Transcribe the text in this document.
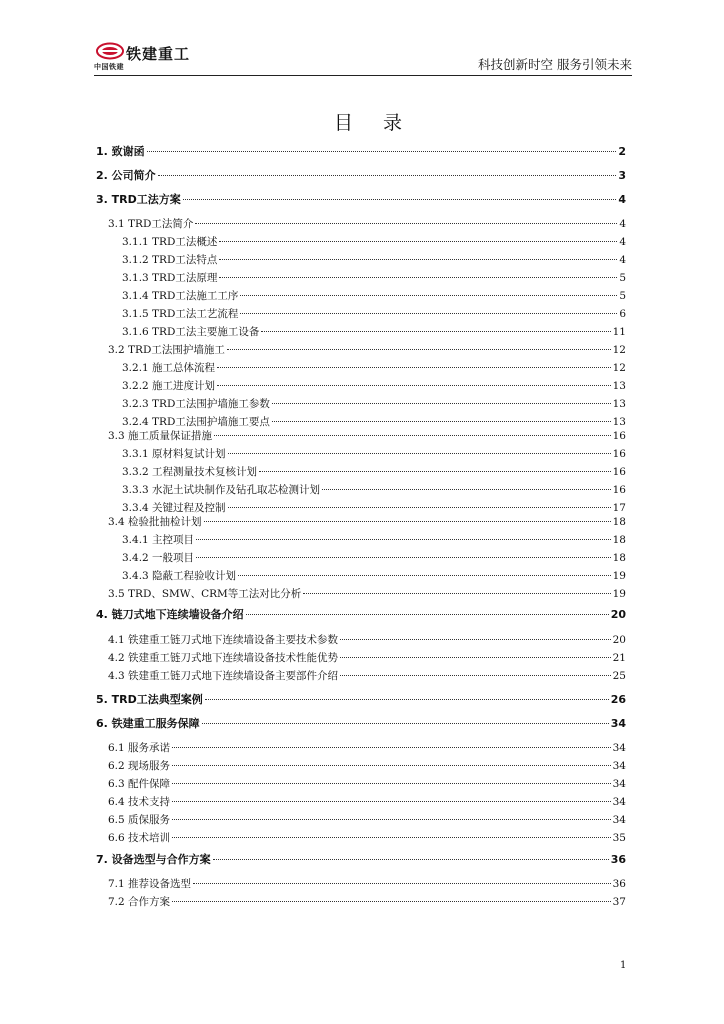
中国铁建
铁建重工
科技创新时空 服务引领未来
目 录
1. 致谢函	2
2. 公司简介	3
3. TRD工法方案	4
3.1 TRD工法简介	4
3.1.1 TRD工法概述	4
3.1.2 TRD工法特点	4
3.1.3 TRD工法原理	5
3.1.4 TRD工法施工工序	5
3.1.5 TRD工法工艺流程	6
3.1.6 TRD工法主要施工设备	11
3.2 TRD工法围护墙施工	12
3.2.1 施工总体流程	12
3.2.2 施工进度计划	13
3.2.3 TRD工法围护墙施工参数	13
3.2.4 TRD工法围护墙施工要点	13
3.3 施工质量保证措施	16
3.3.1 原材料复试计划	16
3.3.2 工程测量技术复核计划	16
3.3.3 水泥土试块制作及钻孔取芯检测计划	16
3.3.4 关键过程及控制	17
3.4 检验批抽检计划	18
3.4.1 主控项目	18
3.4.2 一般项目	18
3.4.3 隐蔽工程验收计划	19
3.5 TRD、SMW、CRM等工法对比分析	19
4. 链刀式地下连续墙设备介绍	20
4.1 铁建重工链刀式地下连续墙设备主要技术参数	20
4.2 铁建重工链刀式地下连续墙设备技术性能优势	21
4.3 铁建重工链刀式地下连续墙设备主要部件介绍	25
5. TRD工法典型案例	26
6. 铁建重工服务保障	34
6.1 服务承诺	34
6.2 现场服务	34
6.3 配件保障	34
6.4 技术支持	34
6.5 质保服务	34
6.6 技术培训	35
7. 设备选型与合作方案	36
7.1 推荐设备选型	36
7.2 合作方案	37
1
